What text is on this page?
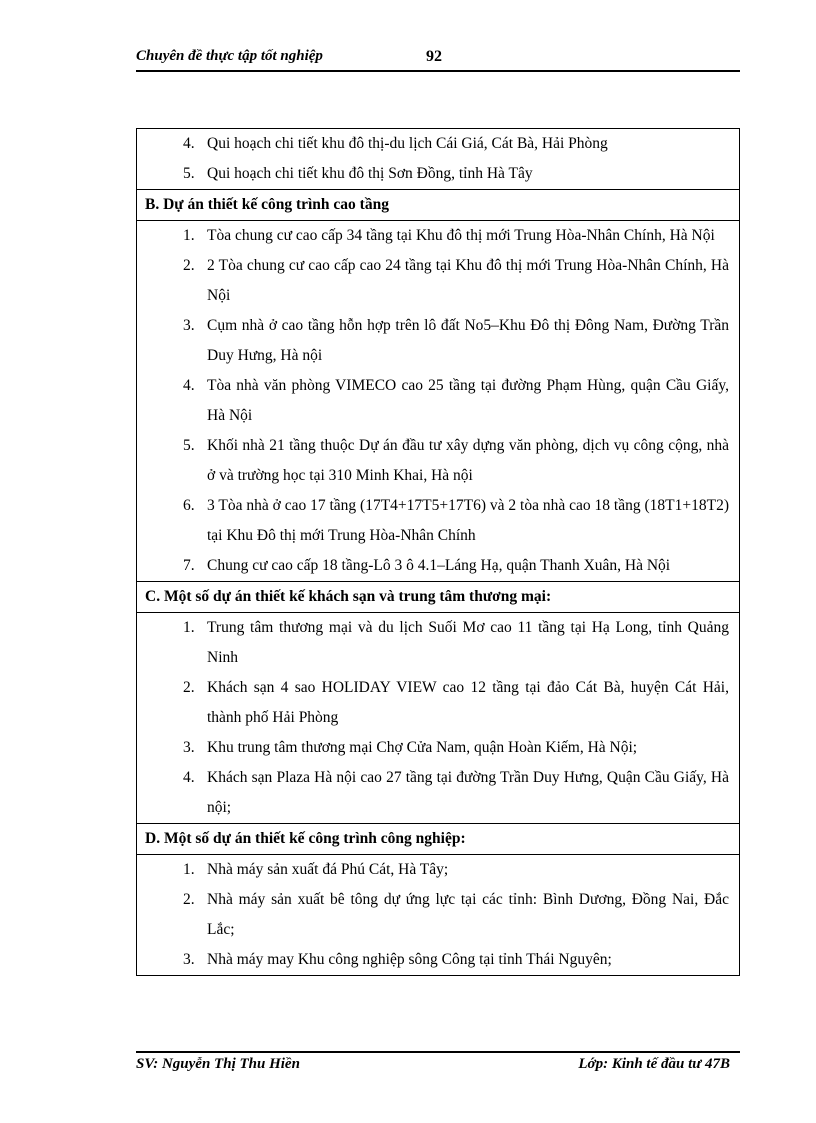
Chuyên đề thực tập tốt nghiệp	92
4. Qui hoạch chi tiết khu đô thị-du lịch Cái Giá, Cát Bà, Hải Phòng
5. Qui hoạch chi tiết khu đô thị Sơn Đồng, tỉnh Hà Tây

B. Dự án thiết kế công trình cao tầng

1. Tòa chung cư cao cấp 34 tầng tại Khu đô thị mới Trung Hòa-Nhân Chính, Hà Nội
2. 2 Tòa chung cư cao cấp cao 24 tầng tại Khu đô thị mới Trung Hòa-Nhân Chính, Hà Nội
3. Cụm nhà ở cao tầng hỗn hợp trên lô đất No5–Khu Đô thị Đông Nam, Đường Trần Duy Hưng, Hà nội
4. Tòa nhà văn phòng VIMECO cao 25 tầng tại đường Phạm Hùng, quận Cầu Giấy, Hà Nội
5. Khối nhà 21 tầng thuộc Dự án đầu tư xây dựng văn phòng, dịch vụ công cộng, nhà ở và trường học tại 310 Minh Khai, Hà nội
6. 3 Tòa nhà ở cao 17 tầng (17T4+17T5+17T6) và 2 tòa nhà cao 18 tầng (18T1+18T2) tại Khu Đô thị mới Trung Hòa-Nhân Chính
7. Chung cư cao cấp 18 tầng-Lô 3 ô 4.1–Láng Hạ, quận Thanh Xuân, Hà Nội

C. Một số dự án thiết kế khách sạn và trung tâm thương mại:

1. Trung tâm thương mại và du lịch Suối Mơ cao 11 tầng tại Hạ Long, tỉnh Quảng Ninh
2. Khách sạn 4 sao HOLIDAY VIEW cao 12 tầng tại đảo Cát Bà, huyện Cát Hải, thành phố Hải Phòng
3. Khu trung tâm thương mại Chợ Cửa Nam, quận Hoàn Kiếm, Hà Nội;
4. Khách sạn Plaza Hà nội cao 27 tầng tại đường Trần Duy Hưng, Quận Cầu Giấy, Hà nội;

D. Một số dự án thiết kế công trình công nghiệp:

1. Nhà máy sản xuất đá Phú Cát, Hà Tây;
2. Nhà máy sản xuất bê tông dự ứng lực tại các tỉnh: Bình Dương, Đồng Nai, Đắc Lắc;
3. Nhà máy may Khu công nghiệp sông Công tại tỉnh Thái Nguyên;
SV: Nguyễn Thị Thu Hiền	Lớp: Kinh tế đầu tư 47B
